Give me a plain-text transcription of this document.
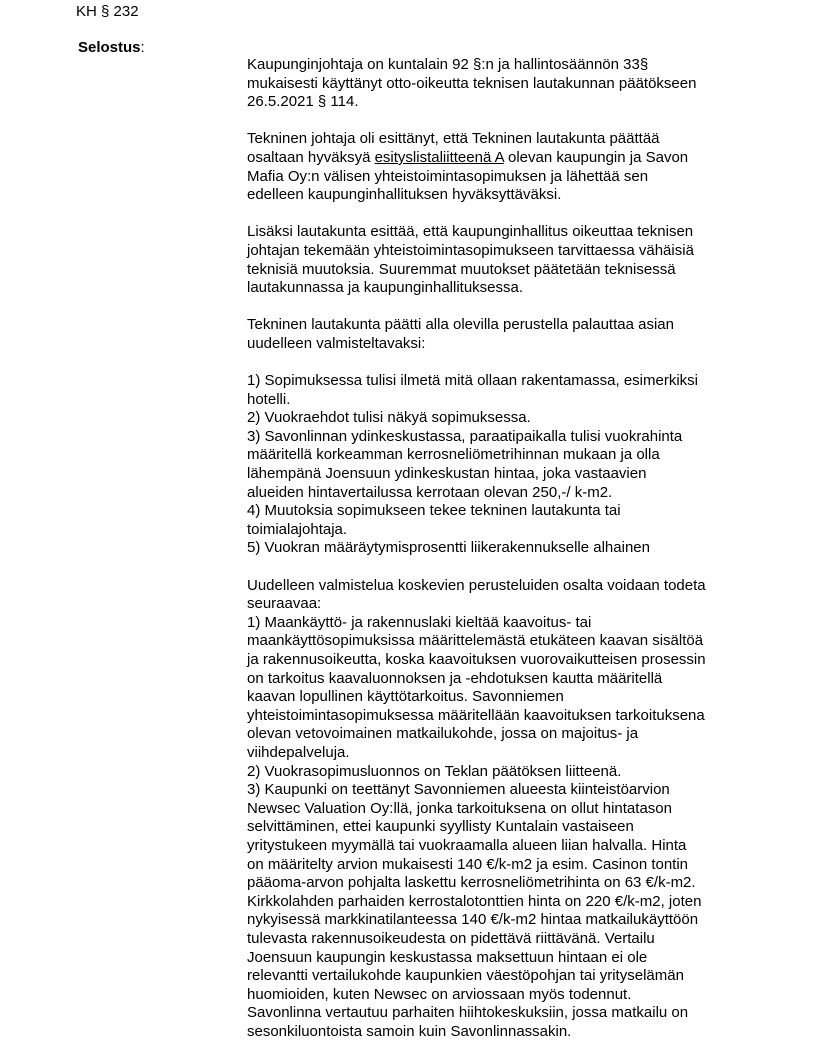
KH § 232
Selostus:

Kaupunginjohtaja on kuntalain 92 §:n ja hallintosäännön 33§
mukaisesti käyttänyt otto-oikeutta teknisen lautakunnan päätökseen
26.5.2021 § 114.

Tekninen johtaja oli esittänyt, että Tekninen lautakunta päättää
osaltaan hyväksyä esityslistaliitteenä A olevan kaupungin ja Savon
Mafia Oy:n välisen yhteistoimintasopimuksen ja lähettää sen
edelleen kaupunginhallituksen hyväksyttäväksi.

Lisäksi lautakunta esittää, että kaupunginhallitus oikeuttaa teknisen
johtajan tekemään yhteistoimintasopimukseen tarvittaessa vähäisiä
teknisiä muutoksia. Suuremmat muutokset päätetään teknisessä
lautakunnassa ja kaupunginhallituksessa.

Tekninen lautakunta päätti alla olevilla perustella palauttaa asian
uudelleen valmisteltavaksi:

1) Sopimuksessa tulisi ilmetä mitä ollaan rakentamassa, esimerkiksi
hotelli.
2) Vuokraehdot tulisi näkyä sopimuksessa.
3) Savonlinnan ydinkeskustassa, paraatipaikalla tulisi vuokrahinta
määritellä korkeamman kerrosneliömetrihinnan mukaan ja olla
lähempänä Joensuun ydinkeskustan hintaa, joka vastaavien
alueiden hintavertailussa kerrotaan olevan 250,-/ k-m2.
4) Muutoksia sopimukseen tekee tekninen lautakunta tai
toimialajohtaja.
5) Vuokran määräytymisprosentti liikerakennukselle alhainen

Uudelleen valmistelua koskevien perusteluiden osalta voidaan todeta
seuraavaa:
1) Maankäyttö- ja rakennuslaki kieltää kaavoitus- tai
maankäyttösopimuksissa määrittelemästä etukäteen kaavan sisältöä
ja rakennusoikeutta, koska kaavoituksen vuorovaikutteisen prosessin
on tarkoitus kaavaluonnoksen ja -ehdotuksen kautta määritellä
kaavan lopullinen käyttötarkoitus. Savonniemen
yhteistoimintasopimuksessa määritellään kaavoituksen tarkoituksena
olevan vetovoimainen matkailukohde, jossa on majoitus- ja
viihdepalveluja.
2) Vuokrasopimusluonnos on Teklan päätöksen liitteenä.
3) Kaupunki on teettänyt Savonniemen alueesta kiinteistöarvion
Newsec Valuation Oy:llä, jonka tarkoituksena on ollut hintatason
selvittäminen, ettei kaupunki syyllisty Kuntalain vastaiseen
yritystukeen myymällä tai vuokraamalla alueen liian halvalla. Hinta
on määritelty arvion mukaisesti 140 €/k-m2 ja esim. Casinon tontin
pääoma-arvon pohjalta laskettu kerrosneliömetrihinta on 63 €/k-m2.
Kirkkolahden parhaiden kerrostalotonttien hinta on 220 €/k-m2, joten
nykyisessä markkinatilanteessa 140 €/k-m2 hintaa matkailukäyttöön
tulevasta rakennusoikeudesta on pidettävä riittävänä. Vertailu
Joensuun kaupungin keskustassa maksettuun hintaan ei ole
relevantti vertailukohde kaupunkien väestöpohjan tai yrityselämän
huomioiden, kuten Newsec on arviossaan myös todennut.
Savonlinna vertautuu parhaiten hiihtokeskuksiin, jossa matkailu on
sesonkiluontoista samoin kuin Savonlinnassakin.
